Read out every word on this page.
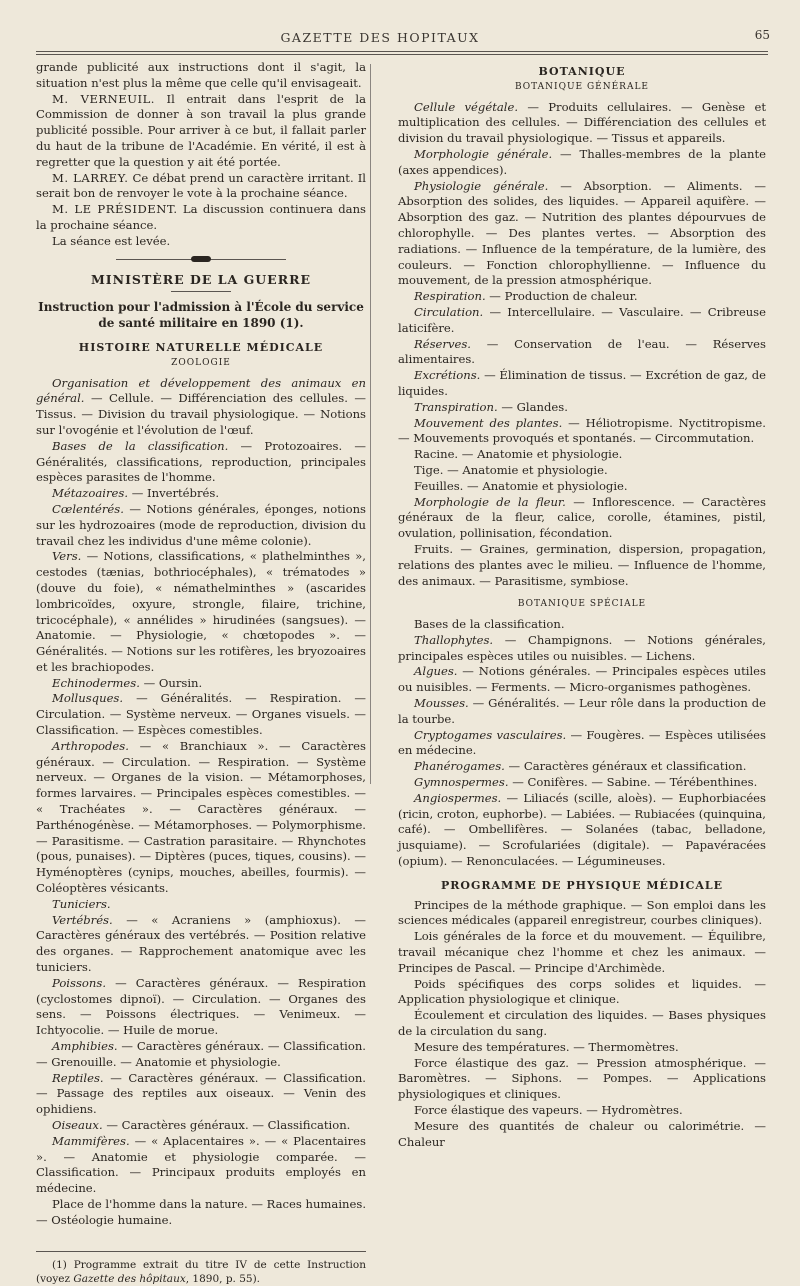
GAZETTE DES HOPITAUX	65

grande publicité aux instructions dont il s'agit, la situation n'est plus la même que celle qu'il envisageait.

M. VERNEUIL. Il entrait dans l'esprit de la Commission de donner à son travail la plus grande publicité possible. Pour arriver à ce but, il fallait parler du haut de la tribune de l'Académie. En vérité, il est à regretter que la question y ait été portée.

M. LARREY. Ce débat prend un caractère irritant. Il serait bon de renvoyer le vote à la prochaine séance.

M. LE PRÉSIDENT. La discussion continuera dans la prochaine séance.

La séance est levée.

MINISTÈRE DE LA GUERRE

Instruction pour l'admission à l'École du service de santé militaire en 1890 (1).

HISTOIRE NATURELLE MÉDICALE

ZOOLOGIE

Organisation et développement des animaux en général. — Cellule. — Différenciation des cellules. — Tissus. — Division du travail physiologique. — Notions sur l'ovogénie et l'évolution de l'œuf.

Bases de la classification. — Protozoaires. — Généralités, classifications, reproduction, principales espèces parasites de l'homme.

Métazoaires. — Invertébrés.

Cœlentérés. — Notions générales, éponges, notions sur les hydrozoaires (mode de reproduction, division du travail chez les individus d'une même colonie).

Vers. — Notions, classifications, « plathelminthes », cestodes (tænias, bothriocéphales), « trématodes » (douve du foie), « némathelminthes » (ascarides lombricoïdes, oxyure, strongle, filaire, trichine, tricocéphale), « annélides » hirudinées (sangsues). — Anatomie. — Physiologie, « chœtopodes ». — Généralités. — Notions sur les rotifères, les bryozoaires et les brachiopodes.

Echinodermes. — Oursin.

Mollusques. — Généralités. — Respiration. — Circulation. — Système nerveux. — Organes visuels. — Classification. — Espèces comestibles.

Arthropodes. — « Branchiaux ». — Caractères généraux. — Circulation. — Respiration. — Système nerveux. — Organes de la vision. — Métamorphoses, formes larvaires. — Principales espèces comestibles. — « Trachéates ». — Caractères généraux. — Parthénogénèse. — Métamorphoses. — Polymorphisme. — Parasitisme. — Castration parasitaire. — Rhynchotes (pous, punaises). — Diptères (puces, tiques, cousins). — Hyménoptères (cynips, mouches, abeilles, fourmis). — Coléoptères vésicants.

Tuniciers.

Vertébrés. — « Acraniens » (amphioxus). — Caractères généraux des vertébrés. — Position relative des organes. — Rapprochement anatomique avec les tuniciers.

Poissons. — Caractères généraux. — Respiration (cyclostomes dipnoï). — Circulation. — Organes des sens. — Poissons électriques. — Venimeux. — Ichtyocolie. — Huile de morue.

Amphibies. — Caractères généraux. — Classification. — Grenouille. — Anatomie et physiologie.

Reptiles. — Caractères généraux. — Classification. — Passage des reptiles aux oiseaux. — Venin des ophidiens.

Oiseaux. — Caractères généraux. — Classification.

Mammifères. — « Aplacentaires ». — « Placentaires ». — Anatomie et physiologie comparée. — Classification. — Principaux produits employés en médecine.

Place de l'homme dans la nature. — Races humaines. — Ostéologie humaine.

(1) Programme extrait du titre IV de cette Instruction (voyez Gazette des hôpitaux, 1890, p. 55).

BOTANIQUE

BOTANIQUE GÉNÉRALE

Cellule végétale. — Produits cellulaires. — Genèse et multiplication des cellules. — Différenciation des cellules et division du travail physiologique. — Tissus et appareils.

Morphologie générale. — Thalles-membres de la plante (axes appendices).

Physiologie générale. — Absorption. — Aliments. — Absorption des solides, des liquides. — Appareil aquifère. — Absorption des gaz. — Nutrition des plantes dépourvues de chlorophylle. — Des plantes vertes. — Absorption des radiations. — Influence de la température, de la lumière, des couleurs. — Fonction chlorophyllienne. — Influence du mouvement, de la pression atmosphérique.

Respiration. — Production de chaleur.

Circulation. — Intercellulaire. — Vasculaire. — Cribreuse laticifère.

Réserves. — Conservation de l'eau. — Réserves alimentaires.

Excrétions. — Élimination de tissus. — Excrétion de gaz, de liquides.

Transpiration. — Glandes.

Mouvement des plantes. — Héliotropisme. Nyctitropisme. — Mouvements provoqués et spontanés. — Circommutation.

Racine. — Anatomie et physiologie.

Tige. — Anatomie et physiologie.

Feuilles. — Anatomie et physiologie.

Morphologie de la fleur. — Inflorescence. — Caractères généraux de la fleur, calice, corolle, étamines, pistil, ovulation, pollinisation, fécondation.

Fruits. — Graines, germination, dispersion, propagation, relations des plantes avec le milieu. — Influence de l'homme, des animaux. — Parasitisme, symbiose.

BOTANIQUE SPÉCIALE

Bases de la classification.

Thallophytes. — Champignons. — Notions générales, principales espèces utiles ou nuisibles. — Lichens.

Algues. — Notions générales. — Principales espèces utiles ou nuisibles. — Ferments. — Micro-organismes pathogènes.

Mousses. — Généralités. — Leur rôle dans la production de la tourbe.

Cryptogames vasculaires. — Fougères. — Espèces utilisées en médecine.

Phanérogames. — Caractères généraux et classification.

Gymnospermes. — Conifères. — Sabine. — Térébenthines.

Angiospermes. — Liliacés (scille, aloès). — Euphorbiacées (ricin, croton, euphorbe). — Labiées. — Rubiacées (quinquina, café). — Ombellifères. — Solanées (tabac, belladone, jusquiame). — Scrofulariées (digitale). — Papavéracées (opium). — Renonculacées. — Légumineuses.

PROGRAMME DE PHYSIQUE MÉDICALE

Principes de la méthode graphique. — Son emploi dans les sciences médicales (appareil enregistreur, courbes cliniques).

Lois générales de la force et du mouvement. — Équilibre, travail mécanique chez l'homme et chez les animaux. — Principes de Pascal. — Principe d'Archimède.

Poids spécifiques des corps solides et liquides. — Application physiologique et clinique.

Écoulement et circulation des liquides. — Bases physiques de la circulation du sang.

Mesure des températures. — Thermomètres.

Force élastique des gaz. — Pression atmosphérique. — Baromètres. — Siphons. — Pompes. — Applications physiologiques et cliniques.

Force élastique des vapeurs. — Hydromètres.

Mesure des quantités de chaleur ou calorimétrie. — Chaleur
